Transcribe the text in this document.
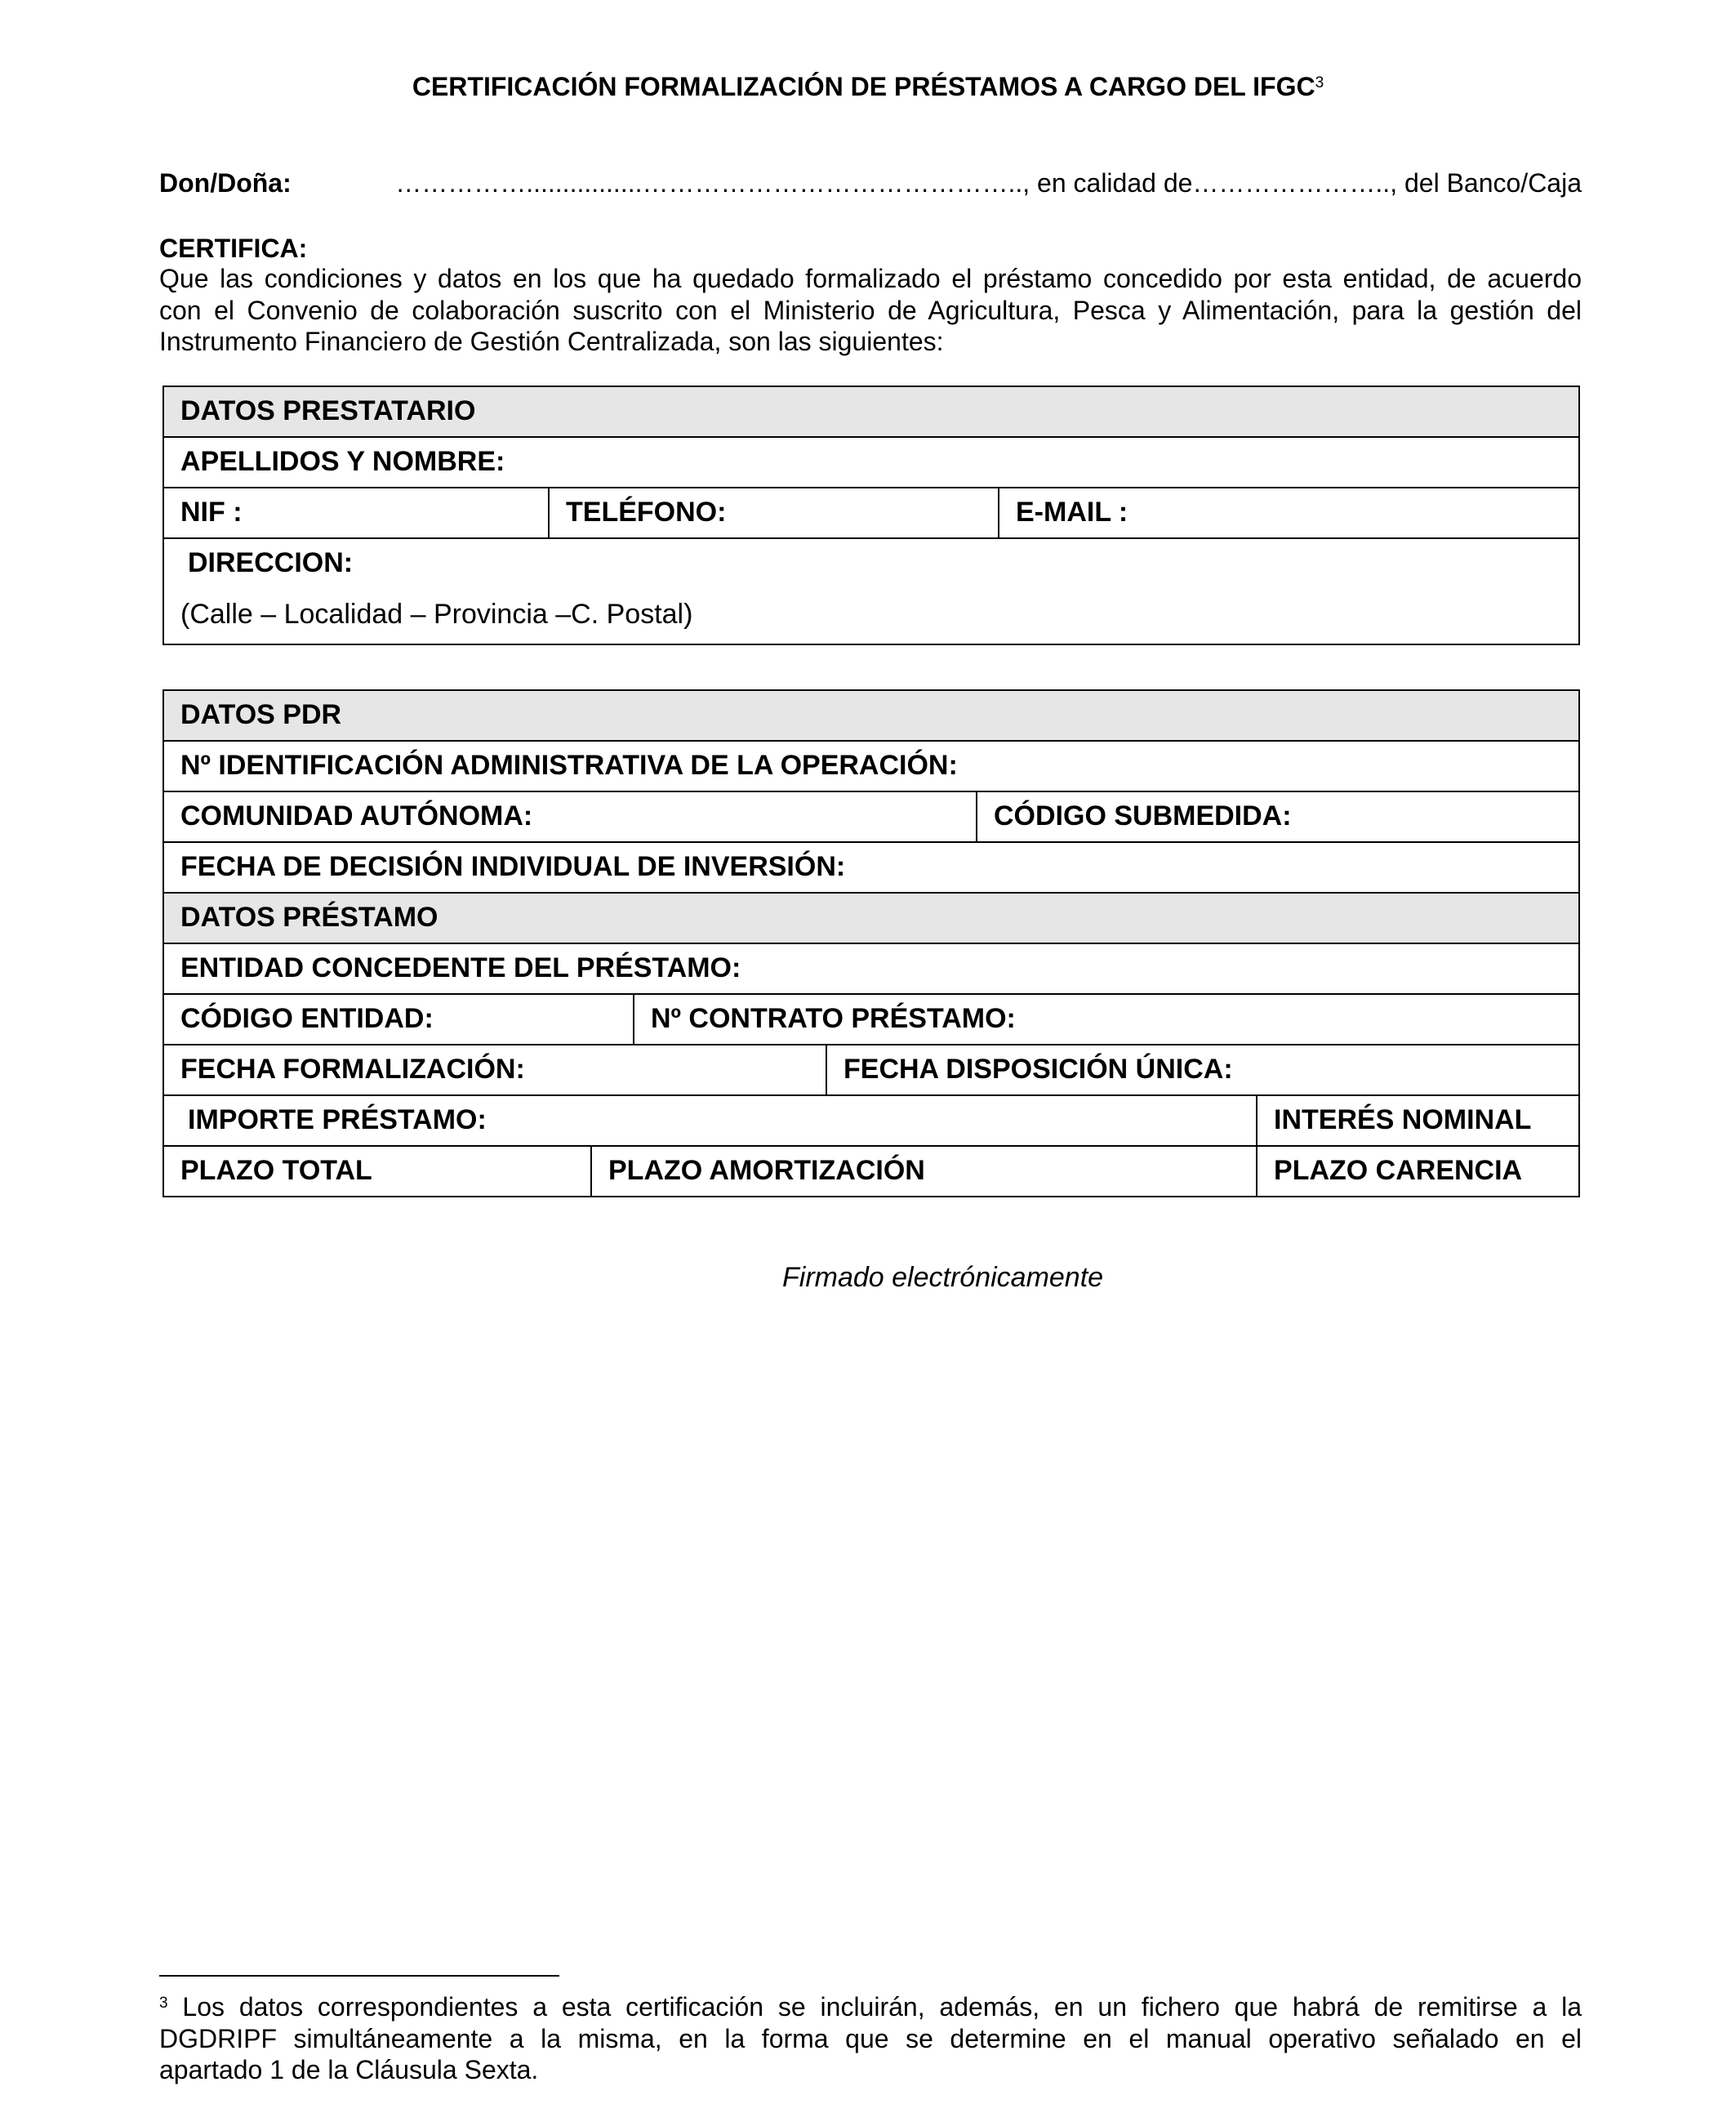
CERTIFICACIÓN FORMALIZACIÓN DE PRÉSTAMOS A CARGO DEL IFGC$^3$
Don/Doña:	……………................…………………………………….., en calidad de………………….., del Banco/Caja
CERTIFICA:
Que las condiciones y datos en los que ha quedado formalizado el préstamo concedido por esta entidad, de acuerdo
con el Convenio de colaboración suscrito con el Ministerio de Agricultura, Pesca y Alimentación, para la gestión del
Instrumento Financiero de Gestión Centralizada, son las siguientes:
DATOS PRESTATARIO
APELLIDOS Y NOMBRE:
NIF :	TELÉFONO:	E-MAIL :
DIRECCION:
(Calle – Localidad – Provincia –C. Postal)
DATOS PDR					
Nº IDENTIFICACIÓN ADMINISTRATIVA DE LA OPERACIÓN:					
COMUNIDAD AUTÓNOMA:				CÓDIGO SUBMEDIDA:	
FECHA DE DECISIÓN INDIVIDUAL DE INVERSIÓN:					
DATOS PRÉSTAMO					
ENTIDAD CONCEDENTE DEL PRÉSTAMO:					
CÓDIGO ENTIDAD:		Nº CONTRATO PRÉSTAMO:			
FECHA FORMALIZACIÓN:			FECHA DISPOSICIÓN ÚNICA:		
IMPORTE PRÉSTAMO:					INTERÉS NOMINAL
PLAZO TOTAL	PLAZO AMORTIZACIÓN				PLAZO CARENCIA
Firmado electrónicamente
$^3$ Los datos correspondientes a esta certificación se incluirán, además, en un fichero que habrá de remitirse a la
DGDRIPF simultáneamente a la misma, en la forma que se determine en el manual operativo señalado en el
apartado 1 de la Cláusula Sexta.
